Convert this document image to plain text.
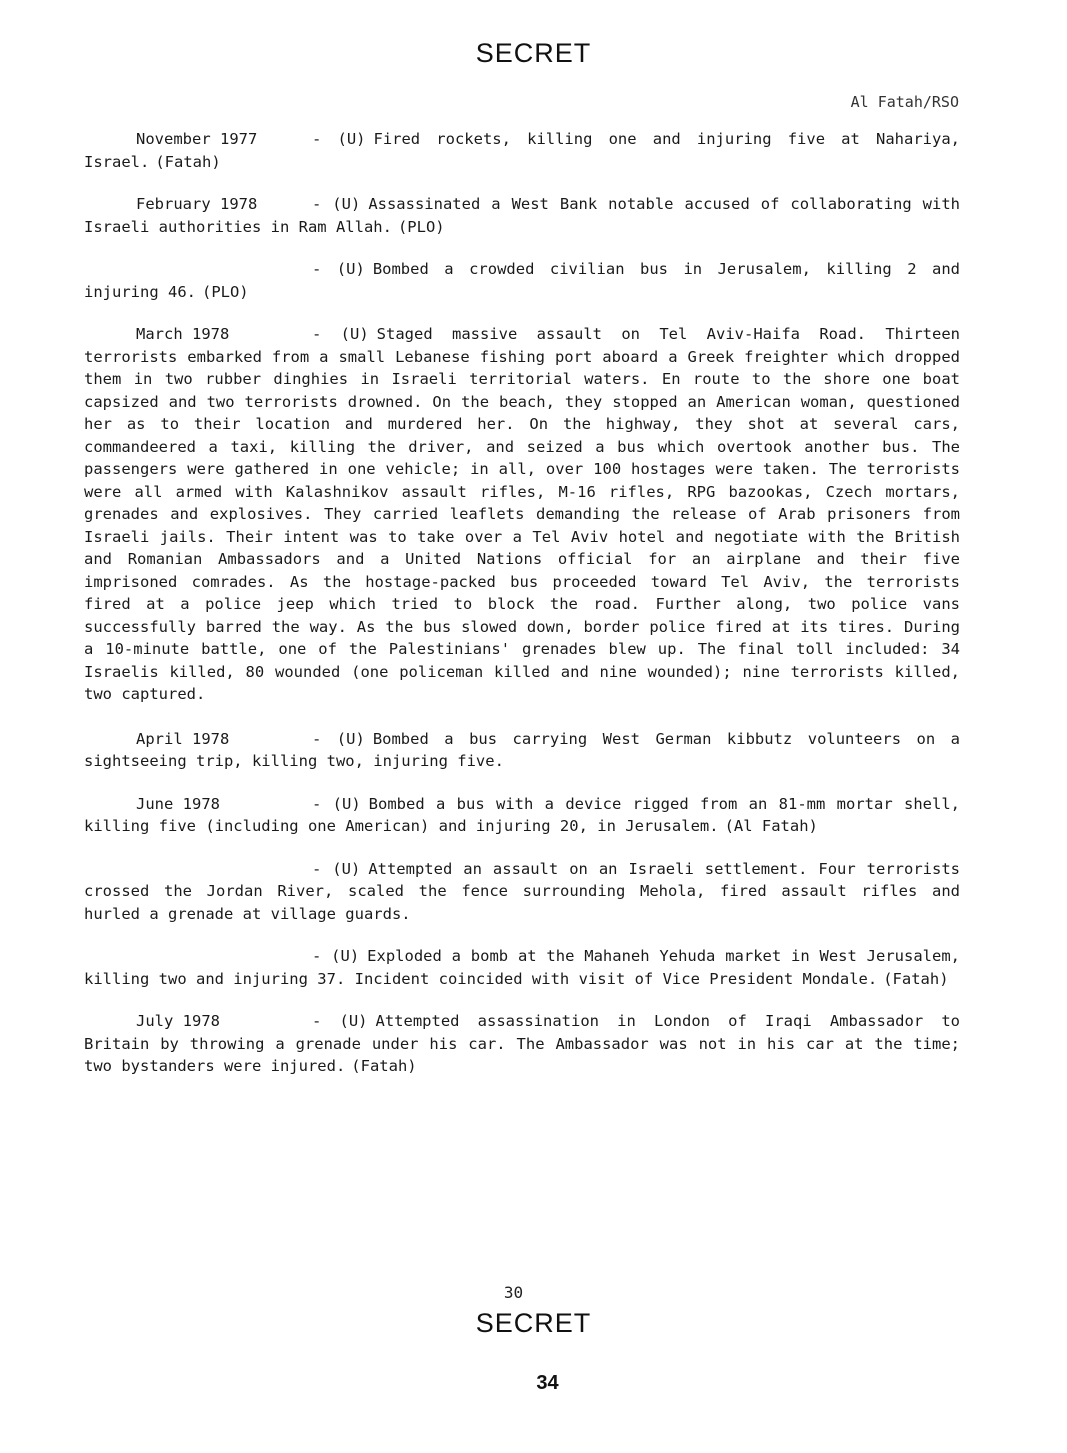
SECRET
Al Fatah/RSO

November 1977	- (U) Fired rockets, killing one and injuring five at Nahariya, Israel. (Fatah)

February 1978	- (U) Assassinated a West Bank notable accused of collaborating with Israeli authorities in Ram Allah. (PLO)

- (U) Bombed a crowded civilian bus in Jerusalem, killing 2 and injuring 46. (PLO)

March 1978	- (U) Staged massive assault on Tel Aviv-Haifa Road. Thirteen terrorists embarked from a small Lebanese fishing port aboard a Greek freighter which dropped them in two rubber dinghies in Israeli territorial waters. En route to the shore one boat capsized and two terrorists drowned. On the beach, they stopped an American woman, questioned her as to their location and murdered her. On the highway, they shot at several cars, commandeered a taxi, killing the driver, and seized a bus which overtook another bus. The passengers were gathered in one vehicle; in all, over 100 hostages were taken. The terrorists were all armed with Kalashnikov assault rifles, M-16 rifles, RPG bazookas, Czech mortars, grenades and explosives. They carried leaflets demanding the release of Arab prisoners from Israeli jails. Their intent was to take over a Tel Aviv hotel and negotiate with the British and Romanian Ambassadors and a United Nations official for an airplane and their five imprisoned comrades. As the hostage-packed bus proceeded toward Tel Aviv, the terrorists fired at a police jeep which tried to block the road. Further along, two police vans successfully barred the way. As the bus slowed down, border police fired at its tires. During a 10-minute battle, one of the Palestinians' grenades blew up. The final toll included: 34 Israelis killed, 80 wounded (one policeman killed and nine wounded); nine terrorists killed, two captured.

April 1978	- (U) Bombed a bus carrying West German kibbutz volunteers on a sightseeing trip, killing two, injuring five.

June 1978	- (U) Bombed a bus with a device rigged from an 81-mm mortar shell, killing five (including one American) and injuring 20, in Jerusalem. (Al Fatah)

- (U) Attempted an assault on an Israeli settlement. Four terrorists crossed the Jordan River, scaled the fence surrounding Mehola, fired assault rifles and hurled a grenade at village guards.

- (U) Exploded a bomb at the Mahaneh Yehuda market in West Jerusalem, killing two and injuring 37. Incident coincided with visit of Vice President Mondale. (Fatah)

July 1978	- (U) Attempted assassination in London of Iraqi Ambassador to Britain by throwing a grenade under his car. The Ambassador was not in his car at the time; two bystanders were injured. (Fatah)

30
SECRET
34
